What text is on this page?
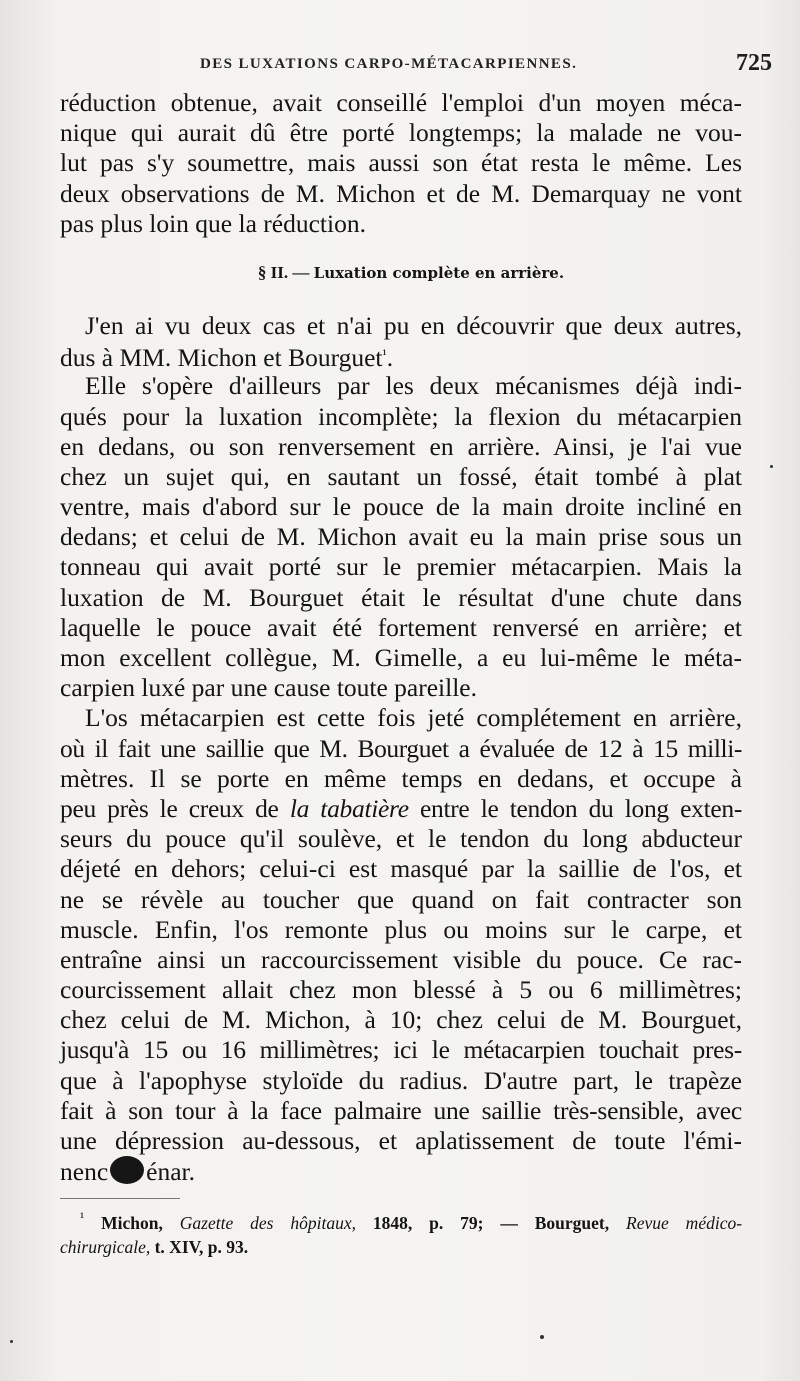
DES LUXATIONS CARPO-MÉTACARPIENNES.	725
réduction obtenue, avait conseillé l'emploi d'un moyen méca-
nique qui aurait dû être porté longtemps; la malade ne vou-
lut pas s'y soumettre, mais aussi son état resta le même. Les
deux observations de M. Michon et de M. Demarquay ne vont
pas plus loin que la réduction.
§ II. — Luxation complète en arrière.
J'en ai vu deux cas et n'ai pu en découvrir que deux autres,
dus à MM. Michon et Bourguet$^{^1}$.
Elle s'opère d'ailleurs par les deux mécanismes déjà indi-
qués pour la luxation incomplète; la flexion du métacarpien
en dedans, ou son renversement en arrière. Ainsi, je l'ai vue
chez un sujet qui, en sautant un fossé, était tombé à plat
ventre, mais d'abord sur le pouce de la main droite incliné en
dedans; et celui de M. Michon avait eu la main prise sous un
tonneau qui avait porté sur le premier métacarpien. Mais la
luxation de M. Bourguet était le résultat d'une chute dans
laquelle le pouce avait été fortement renversé en arrière; et
mon excellent collègue, M. Gimelle, a eu lui-même le méta-
carpien luxé par une cause toute pareille.
L'os métacarpien est cette fois jeté complétement en arrière,
où il fait une saillie que M. Bourguet a évaluée de 12 à 15 milli-
mètres. Il se porte en même temps en dedans, et occupe à
peu près le creux de la tabatière entre le tendon du long exten-
seurs du pouce qu'il soulève, et le tendon du long abducteur
déjeté en dehors; celui-ci est masqué par la saillie de l'os, et
ne se révèle au toucher que quand on fait contracter son
muscle. Enfin, l'os remonte plus ou moins sur le carpe, et
entraîne ainsi un raccourcissement visible du pouce. Ce rac-
courcissement allait chez mon blessé à 5 ou 6 millimètres;
chez celui de M. Michon, à 10; chez celui de M. Bourguet,
jusqu'à 15 ou 16 millimètres; ici le métacarpien touchait pres-
que à l'apophyse styloïde du radius. D'autre part, le trapèze
fait à son tour à la face palmaire une saillie très-sensible, avec
une dépression au-dessous, et aplatissement de toute l'émi-
nenc énar.
$^{^1}$ Michon, Gazette des hôpitaux, 1848, p. 79; — Bourguet, Revue médico-
chirurgicale, t. XIV, p. 93.
